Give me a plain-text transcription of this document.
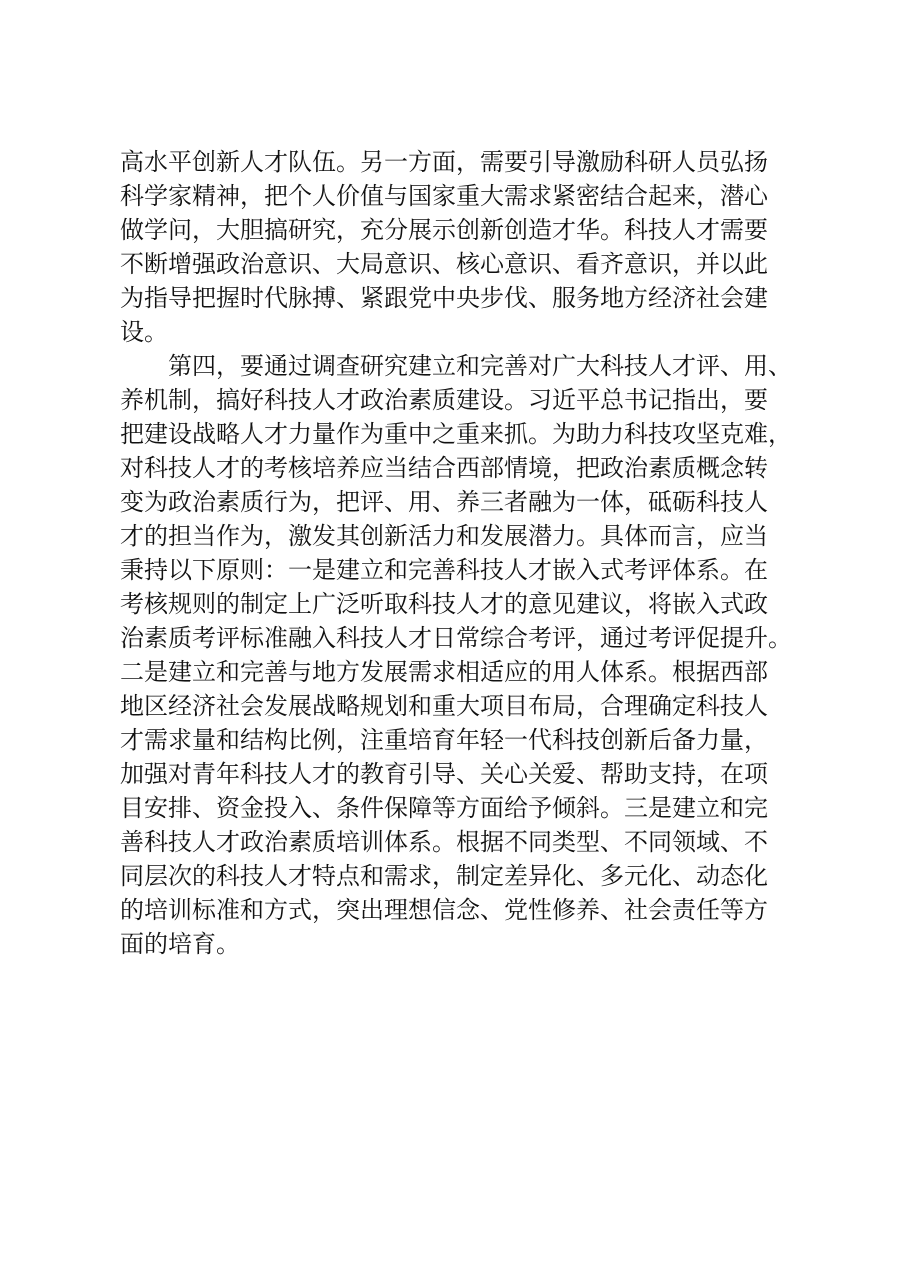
高水平创新人才队伍。另一方面，需要引导激励科研人员弘扬
科学家精神，把个人价值与国家重大需求紧密结合起来，潜心
做学问，大胆搞研究，充分展示创新创造才华。科技人才需要
不断增强政治意识、大局意识、核心意识、看齐意识，并以此
为指导把握时代脉搏、紧跟党中央步伐、服务地方经济社会建
设。
第四，要通过调查研究建立和完善对广大科技人才评、用、
养机制，搞好科技人才政治素质建设。习近平总书记指出，要
把建设战略人才力量作为重中之重来抓。为助力科技攻坚克难，
对科技人才的考核培养应当结合西部情境，把政治素质概念转
变为政治素质行为，把评、用、养三者融为一体，砥砺科技人
才的担当作为，激发其创新活力和发展潜力。具体而言，应当
秉持以下原则：一是建立和完善科技人才嵌入式考评体系。在
考核规则的制定上广泛听取科技人才的意见建议，将嵌入式政
治素质考评标准融入科技人才日常综合考评，通过考评促提升。
二是建立和完善与地方发展需求相适应的用人体系。根据西部
地区经济社会发展战略规划和重大项目布局，合理确定科技人
才需求量和结构比例，注重培育年轻一代科技创新后备力量，
加强对青年科技人才的教育引导、关心关爱、帮助支持，在项
目安排、资金投入、条件保障等方面给予倾斜。三是建立和完
善科技人才政治素质培训体系。根据不同类型、不同领域、不
同层次的科技人才特点和需求，制定差异化、多元化、动态化
的培训标准和方式，突出理想信念、党性修养、社会责任等方
面的培育。
